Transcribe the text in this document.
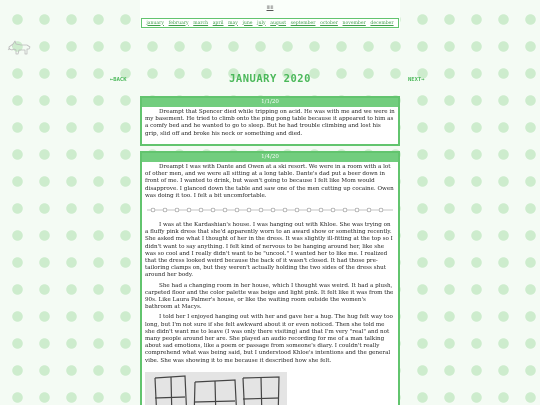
iiiii
january february march april may june july august september october november december
←BACK	JANUARY 2020	NEXT→
1/1/20

Dreampt that Spencer died while tripping on acid. He was with me and we were in my basement. He tried to climb onto the ping pong table because it appeared to him as a comfy bed and he wanted to go to sleep. But he had trouble climbing and lost his grip, slid off and broke his neck or something and died.

1/4/20

Dreampt I was with Dante and Owen at a ski resort. We were in a room with a lot of other men, and we were all sitting at a long table. Dante's dad put a beer down in front of me. I wanted to drink, but wasn't going to because I felt like Mom would disapprove. I glanced down the table and saw one of the men cutting up cocaine. Owen was doing it too. I felt a bit uncomfortable.

I was at the Kardashian's house. I was hanging out with Khloe. She was trying on a fluffy pink dress that she'd apparently worn to an award show or something recently. She asked me what I thought of her in the dress. It was slightly ill-fitting at the top so I didn't want to say anything. I felt kind of nervous to be hanging around her, like she was so cool and I really didn't want to be "uncool." I wanted her to like me. I realized that the dress looked weird because the back of it wasn't closed. It had those pre-tailoring clamps on, but they weren't actually holding the two sides of the dress shut around her body.

She had a changing room in her house, which I thought was weird. It had a plush, carpeted floor and the color palette was beige and light pink. It felt like it was from the 90s. Like Laura Palmer's house, or like the waiting room outside the women's bathroom at Macys.

I told her I enjoyed hanging out with her and gave her a hug. The hug felt way too long, but I'm not sure if she felt awkward about it or even noticed. Then she told me she didn't want me to leave (I was only there visiting) and that I'm very "real" and not many people around her are. She played an audio recording for me of a man talking about sad emotions, like a poem or passage from someone's diary. I couldn't really comprehend what was being said, but I understood Khloe's intentions and the general vibe. She was showing it to me because it described how she felt.
